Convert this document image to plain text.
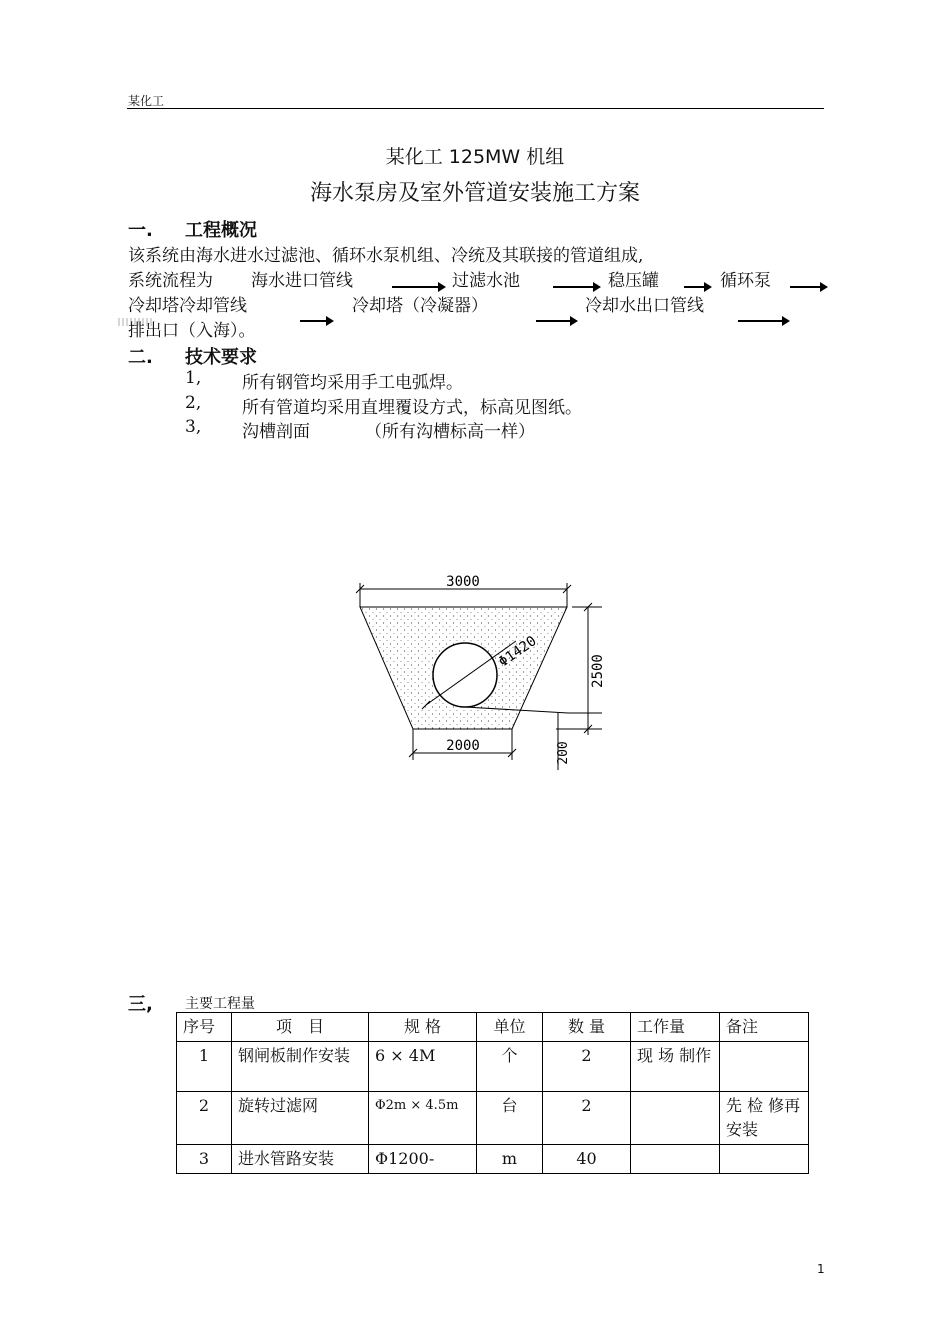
某化工
某化工 125MW 机组
海水泵房及室外管道安装施工方案
一. 工程概况
该系统由海水进水过滤池、循环水泵机组、冷统及其联接的管道组成,
系统流程为 海水进口管线	过滤水池	稳压罐	循环泵
冷却塔冷却管线	冷却塔（冷凝器）	冷却水出口管线
排出口（入海）。
二. 技术要求
1, 所有钢管均采用手工电弧焊。
2, 所有管道均采用直埋覆设方式，标高见图纸。
3, 沟槽剖面	（所有沟槽标高一样）
3000
2000
2500
200
Φ1420
三, 主要工程量
序号	项　目	规 格	单位	数 量	工作量	备注
1	钢闸板制作安装	6 × 4M	个	2	现 场 制作	
2	旋转过滤网	Φ2m × 4.5m	台	2		先 检 修再安装
3	进水管路安装	Φ1200-	m	40		
1
